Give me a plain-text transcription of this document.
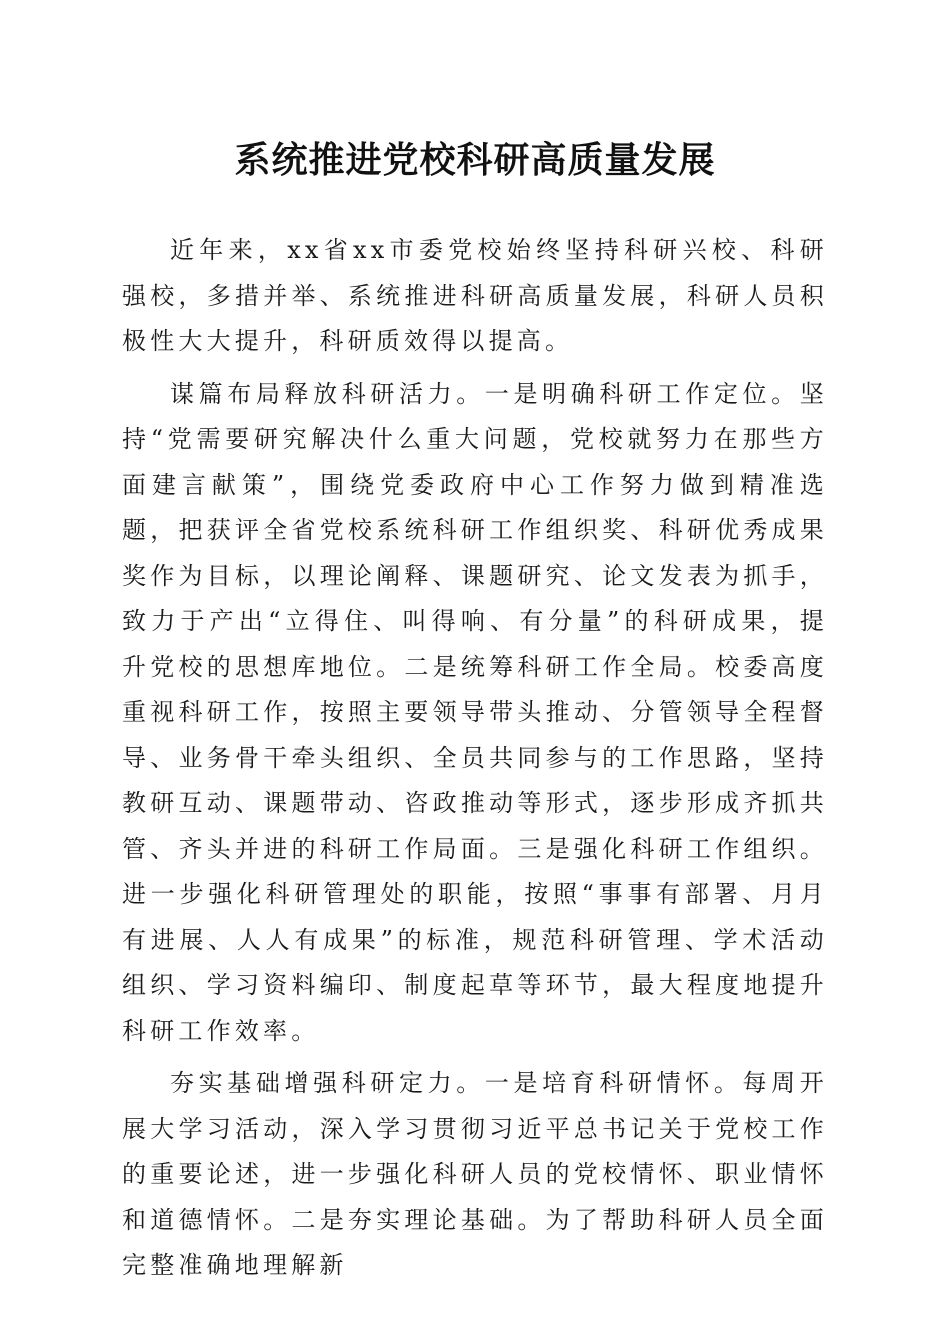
系统推进党校科研高质量发展

近年来，xx省xx市委党校始终坚持科研兴校、科研强校，多措并举、系统推进科研高质量发展，科研人员积极性大大提升，科研质效得以提高。

谋篇布局释放科研活力。一是明确科研工作定位。坚持“党需要研究解决什么重大问题，党校就努力在那些方面建言献策”，围绕党委政府中心工作努力做到精准选题，把获评全省党校系统科研工作组织奖、科研优秀成果奖作为目标，以理论阐释、课题研究、论文发表为抓手，致力于产出“立得住、叫得响、有分量”的科研成果，提升党校的思想库地位。二是统筹科研工作全局。校委高度重视科研工作，按照主要领导带头推动、分管领导全程督导、业务骨干牵头组织、全员共同参与的工作思路，坚持教研互动、课题带动、咨政推动等形式，逐步形成齐抓共管、齐头并进的科研工作局面。三是强化科研工作组织。进一步强化科研管理处的职能，按照“事事有部署、月月有进展、人人有成果”的标准，规范科研管理、学术活动组织、学习资料编印、制度起草等环节，最大程度地提升科研工作效率。

夯实基础增强科研定力。一是培育科研情怀。每周开展大学习活动，深入学习贯彻习近平总书记关于党校工作的重要论述，进一步强化科研人员的党校情怀、职业情怀和道德情怀。二是夯实理论基础。为了帮助科研人员全面完整准确地理解新
